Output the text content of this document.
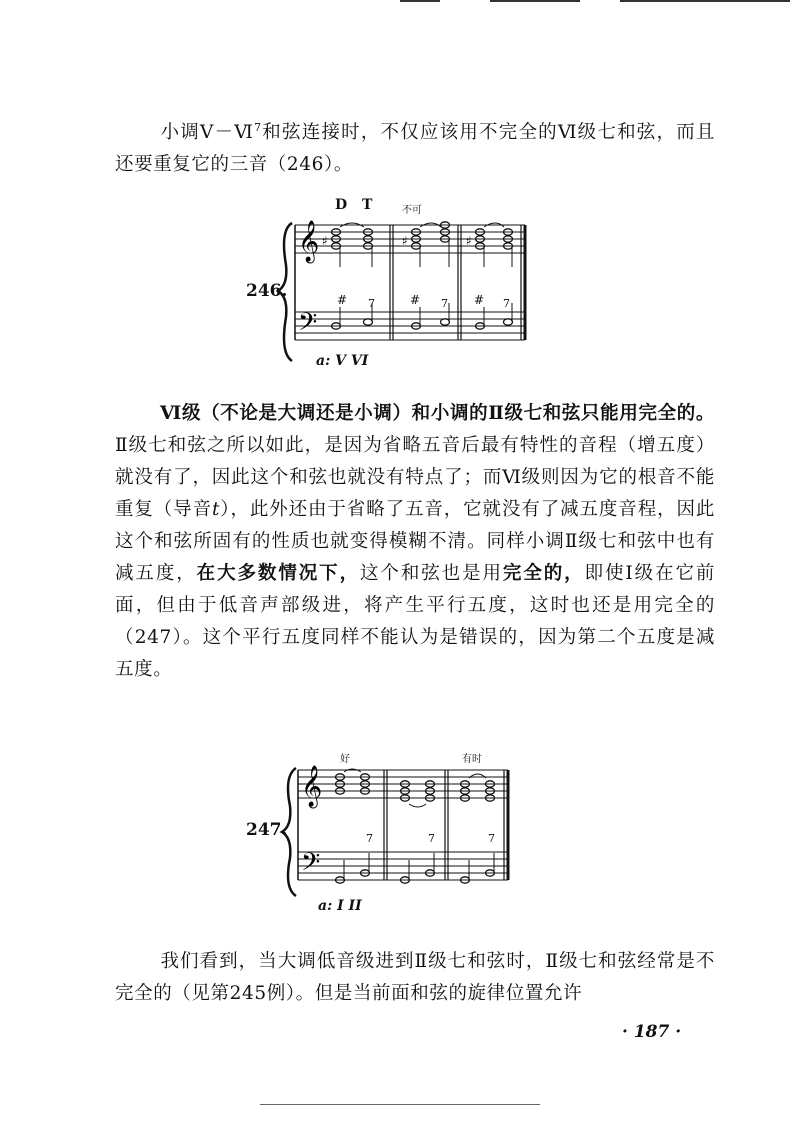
小调Ⅴ－Ⅵ$^7$和弦连接时，不仅应该用不完全的Ⅵ级七和弦，而且还要重复它的三音（246）。

D T	不可
246.
𝄞
𝄢
♯	♯	♯
# 7	# 7 # 7
a: V VI

Ⅵ级（不论是大调还是小调）和小调的Ⅱ级七和弦只能用完全的。Ⅱ级七和弦之所以如此，是因为省略五音后最有特性的音程（增五度）就没有了，因此这个和弦也就没有特点了；而Ⅵ级则因为它的根音不能重复（导音t），此外还由于省略了五音，它就没有了减五度音程，因此这个和弦所固有的性质也就变得模糊不清。同样小调Ⅱ级七和弦中也有减五度，在大多数情况下，这个和弦也是用完全的，即使Ⅰ级在它前面，但由于低音声部级进，将产生平行五度，这时也还是用完全的（247）。这个平行五度同样不能认为是错误的，因为第二个五度是减五度。

好	有时
247.
𝄞
𝄢
7	7	7
a: I II

我们看到，当大调低音级进到Ⅱ级七和弦时，Ⅱ级七和弦经常是不完全的（见第245例）。但是当前面和弦的旋律位置允许

· 187 ·
